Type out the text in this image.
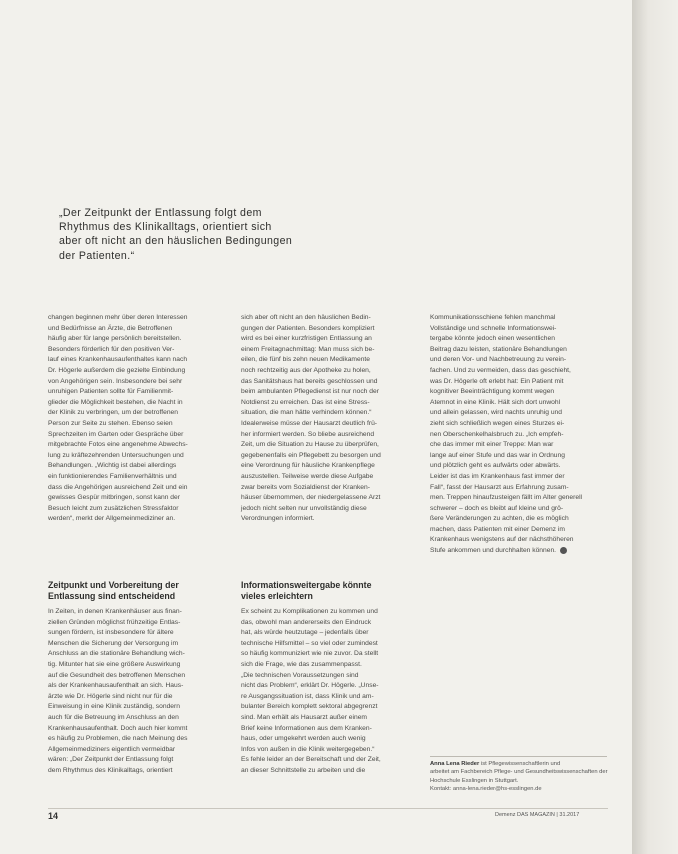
„Der Zeitpunkt der Entlassung folgt dem
Rhythmus des Klinikalltags, orientiert sich
aber oft nicht an den häuslichen Bedingungen
der Patienten.“

changen beginnen mehr über deren Interessen
und Bedürfnisse an Ärzte, die Betroffenen
häufig aber für lange persönlich bereitstellen.
Besonders förderlich für den positiven Ver-
lauf eines Krankenhausaufenthaltes kann nach
Dr. Högerle außerdem die gezielte Einbindung
von Angehörigen sein. Insbesondere bei sehr
unruhigen Patienten sollte für Familienmit-
glieder die Möglichkeit bestehen, die Nacht in
der Klinik zu verbringen, um der betroffenen
Person zur Seite zu stehen. Ebenso seien
Sprechzeiten im Garten oder Gespräche über
mitgebrachte Fotos eine angenehme Abwechs-
lung zu kräftezehrenden Untersuchungen und
Behandlungen. „Wichtig ist dabei allerdings
ein funktionierendes Familienverhältnis und
dass die Angehörigen ausreichend Zeit und ein
gewisses Gespür mitbringen, sonst kann der
Besuch leicht zum zusätzlichen Stressfaktor
werden“, merkt der Allgemeinmediziner an.

sich aber oft nicht an den häuslichen Bedin-
gungen der Patienten. Besonders kompliziert
wird es bei einer kurzfristigen Entlassung an
einem Freitagnachmittag: Man muss sich be-
eilen, die fünf bis zehn neuen Medikamente
noch rechtzeitig aus der Apotheke zu holen,
das Sanitätshaus hat bereits geschlossen und
beim ambulanten Pflegedienst ist nur noch der
Notdienst zu erreichen. Das ist eine Stress-
situation, die man hätte verhindern können.“
Idealerweise müsse der Hausarzt deutlich frü-
her informiert werden. So bliebe ausreichend
Zeit, um die Situation zu Hause zu überprüfen,
gegebenenfalls ein Pflegebett zu besorgen und
eine Verordnung für häusliche Krankenpflege
auszustellen. Teilweise werde diese Aufgabe
zwar bereits vom Sozialdienst der Kranken-
häuser übernommen, der niedergelassene Arzt
jedoch nicht selten nur unvollständig diese
Verordnungen informiert.

Kommunikationsschiene fehlen manchmal
Vollständige und schnelle Informationswei-
tergabe könnte jedoch einen wesentlichen
Beitrag dazu leisten, stationäre Behandlungen
und deren Vor- und Nachbetreuung zu verein-
fachen. Und zu vermeiden, dass das geschieht,
was Dr. Högerle oft erlebt hat: Ein Patient mit
kognitiver Beeinträchtigung kommt wegen
Atemnot in eine Klinik. Hält sich dort unwohl
und allein gelassen, wird nachts unruhig und
zieht sich schließlich wegen eines Sturzes ei-
nen Oberschenkelhalsbruch zu. „Ich empfeh-
che das immer mit einer Treppe: Man war
lange auf einer Stufe und das war in Ordnung
und plötzlich geht es aufwärts oder abwärts.
Leider ist das im Krankenhaus fast immer der
Fall“, fasst der Hausarzt aus Erfahrung zusam-
men. Treppen hinaufzusteigen fällt im Alter generell
schwerer – doch es bleibt auf kleine und grö-
ßere Veränderungen zu achten, die es möglich
machen, dass Patienten mit einer Demenz im
Krankenhaus wenigstens auf der nächsthöheren
Stufe ankommen und durchhalten können.

Zeitpunkt und Vorbereitung der
Entlassung sind entscheidend
Informationsweitergabe könnte
vieles erleichtern

In Zeiten, in denen Krankenhäuser aus finan-
ziellen Gründen möglichst frühzeitige Entlas-
sungen fördern, ist insbesondere für ältere
Menschen die Sicherung der Versorgung im
Anschluss an die stationäre Behandlung wich-
tig. Mitunter hat sie eine größere Auswirkung
auf die Gesundheit des betroffenen Menschen
als der Krankenhausaufenthalt an sich. Haus-
ärzte wie Dr. Högerle sind nicht nur für die
Einweisung in eine Klinik zuständig, sondern
auch für die Betreuung im Anschluss an den
Krankenhausaufenthalt. Doch auch hier kommt
es häufig zu Problemen, die nach Meinung des
Allgemeinmediziners eigentlich vermeidbar
wären: „Der Zeitpunkt der Entlassung folgt
dem Rhythmus des Klinikalltags, orientiert

Ex scheint zu Komplikationen zu kommen und
das, obwohl man andererseits den Eindruck
hat, als würde heutzutage – jedenfalls über
technische Hilfsmittel – so viel oder zumindest
so häufig kommuniziert wie nie zuvor. Da stellt
sich die Frage, wie das zusammenpasst.
„Die technischen Voraussetzungen sind
nicht das Problem“, erklärt Dr. Högerle. „Unse-
re Ausgangssituation ist, dass Klinik und am-
bulanter Bereich komplett sektoral abgegrenzt
sind. Man erhält als Hausarzt außer einem
Brief keine Informationen aus dem Kranken-
haus, oder umgekehrt werden auch wenig
Infos von außen in die Klinik weitergegeben.“
Es fehle leider an der Bereitschaft und der Zeit,
an dieser Schnittstelle zu arbeiten und die

Anna Lena Rieder ist Pflegewissenschaftlerin und
arbeitet am Fachbereich Pflege- und Gesundheitswissenschaften der
Hochschule Esslingen in Stuttgart.
Kontakt: anna-lena.rieder@hs-esslingen.de
14	Demenz DAS MAGAZIN | 31.2017
